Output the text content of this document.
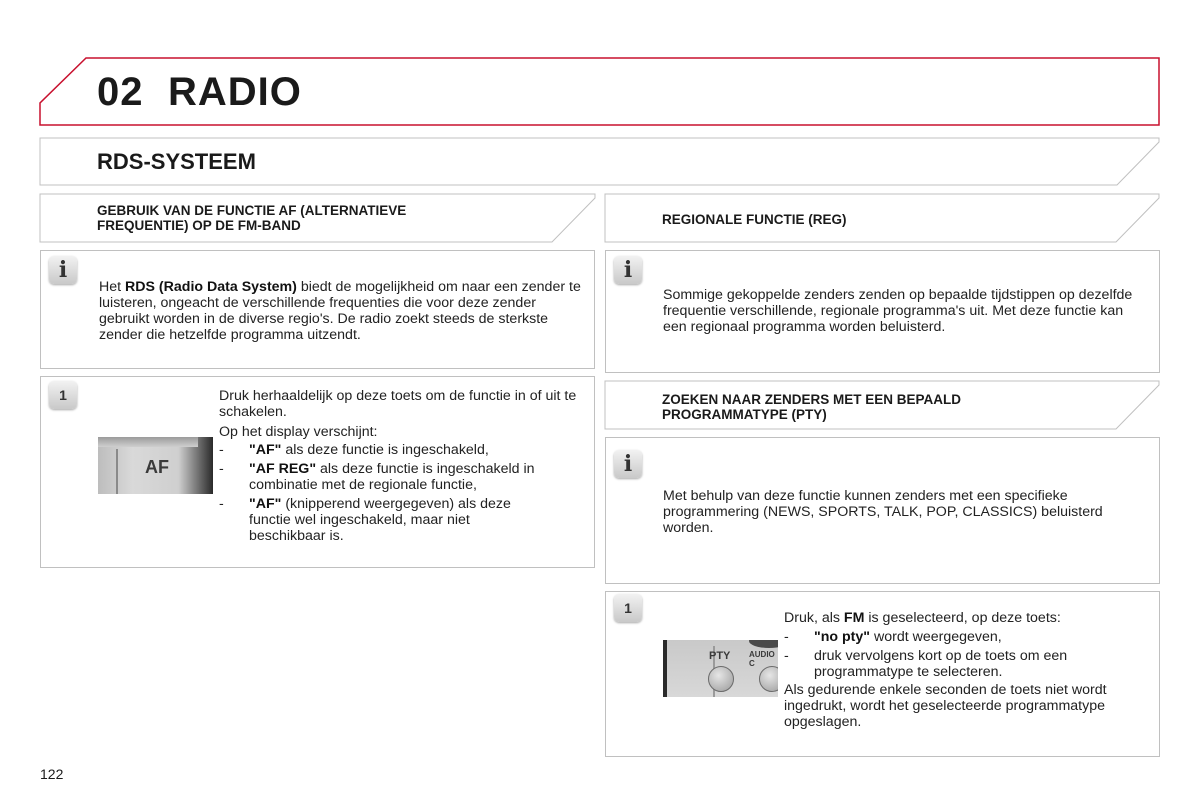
02 RADIO
RDS-SYSTEEM
GEBRUIK VAN DE FUNCTIE AF (ALTERNATIEVE
FREQUENTIE) OP DE FM-BAND
i
Het RDS (Radio Data System) biedt de mogelijkheid om naar een zender te luisteren, ongeacht de verschillende frequenties die voor deze zender gebruikt worden in de diverse regio's. De radio zoekt steeds de sterkste zender die hetzelfde programma uitzendt.
1
AF
Druk herhaaldelijk op deze toets om de functie in of uit te schakelen.
Op het display verschijnt:
- "AF" als deze functie is ingeschakeld,
- "AF REG" als deze functie is ingeschakeld in combinatie met de regionale functie,
- "AF" (knipperend weergegeven) als deze functie wel ingeschakeld, maar niet beschikbaar is.
REGIONALE FUNCTIE (REG)
i
Sommige gekoppelde zenders zenden op bepaalde tijdstippen op dezelfde frequentie verschillende, regionale programma's uit. Met deze functie kan een regionaal programma worden beluisterd.
ZOEKEN NAAR ZENDERS MET EEN BEPAALD
PROGRAMMATYPE (PTY)
i
Met behulp van deze functie kunnen zenders met een specifieke programmering (NEWS, SPORTS, TALK, POP, CLASSICS) beluisterd worden.
1
PTY AUDIO C
Druk, als FM is geselecteerd, op deze toets:
- "no pty" wordt weergegeven,
- druk vervolgens kort op de toets om een programmatype te selecteren.
Als gedurende enkele seconden de toets niet wordt ingedrukt, wordt het geselecteerde programmatype opgeslagen.
122
